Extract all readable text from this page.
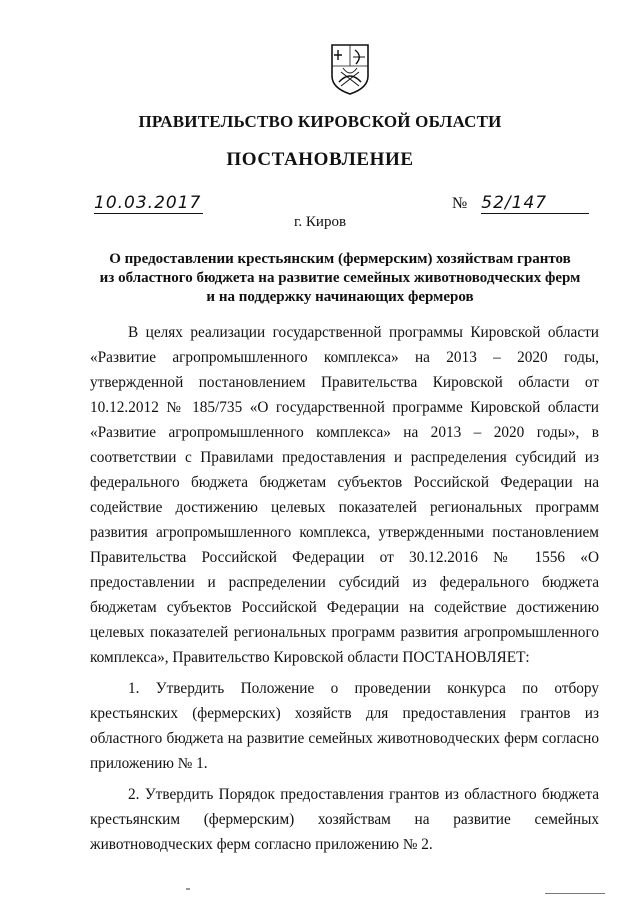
ПРАВИТЕЛЬСТВО КИРОВСКОЙ ОБЛАСТИ
ПОСТАНОВЛЕНИЕ
10.03.2017	№ 52/147
г. Киров
О предоставлении крестьянским (фермерским) хозяйствам грантов
из областного бюджета на развитие семейных животноводческих ферм
и на поддержку начинающих фермеров

В целях реализации государственной программы Кировской области «Развитие агропромышленного комплекса» на 2013 – 2020 годы, утвержденной постановлением Правительства Кировской области от 10.12.2012 № 185/735 «О государственной программе Кировской области «Развитие агропромышленного комплекса» на 2013 – 2020 годы», в соответствии с Правилами предоставления и распределения субсидий из федерального бюджета бюджетам субъектов Российской Федерации на содействие достижению целевых показателей региональных программ развития агропромышленного комплекса, утвержденными постановлением Правительства Российской Федерации от 30.12.2016 № 1556 «О предоставлении и распределении субсидий из федерального бюджета бюджетам субъектов Российской Федерации на содействие достижению целевых показателей региональных программ развития агропромышленного комплекса», Правительство Кировской области ПОСТАНОВЛЯЕТ:

1. Утвердить Положение о проведении конкурса по отбору крестьянских (фермерских) хозяйств для предоставления грантов из областного бюджета на развитие семейных животноводческих ферм согласно приложению № 1.

2. Утвердить Порядок предоставления грантов из областного бюджета крестьянским (фермерским) хозяйствам на развитие семейных животноводческих ферм согласно приложению № 2.
